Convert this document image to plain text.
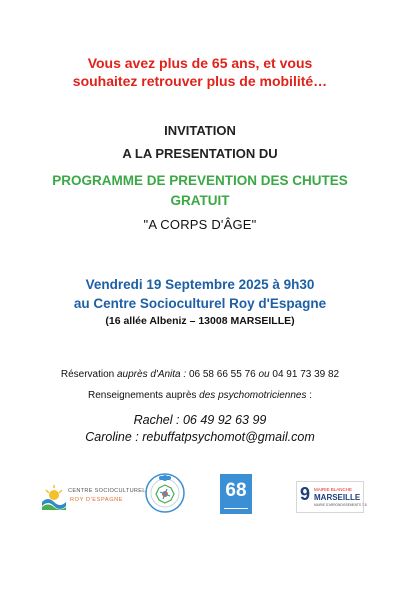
Vous avez plus de 65 ans, et vous
souhaitez retrouver plus de mobilité…
INVITATION
A LA PRESENTATION DU
PROGRAMME DE PREVENTION DES CHUTES
GRATUIT
"A CORPS D'ÂGE"
Vendredi 19 Septembre 2025 à 9h30
au Centre Socioculturel Roy d'Espagne
(16 allée Albeniz – 13008 MARSEILLE)
Réservation auprès d'Anita : 06 58 66 55 76 ou 04 91 73 39 82
Renseignements auprès des psychomotriciennes :
Rachel : 06 49 92 63 99
Caroline : rebuffatpsychomot@gmail.com
CENTRE SOCIOCULTUREL
ROY D'ESPAGNE	68	9 MAIRIE BLANCHE
MARSEILLE
MAIRIE D'ARRONDISSEMENTS 7-8
